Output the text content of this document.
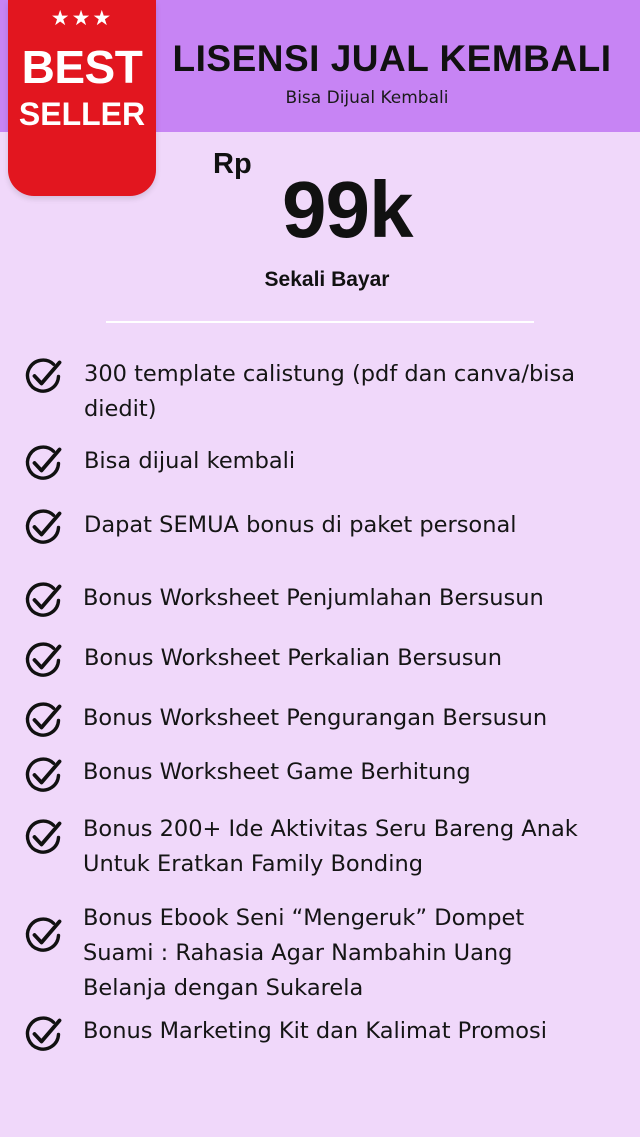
LISENSI JUAL KEMBALI
Bisa Dijual Kembali
★★★
BEST
SELLER
Rp
99k
Sekali Bayar
300 template calistung (pdf dan canva/bisa diedit)
Bisa dijual kembali
Dapat SEMUA bonus di paket personal
Bonus Worksheet Penjumlahan Bersusun
Bonus Worksheet Perkalian Bersusun
Bonus Worksheet Pengurangan Bersusun
Bonus Worksheet Game Berhitung
Bonus 200+ Ide Aktivitas Seru Bareng Anak Untuk Eratkan Family Bonding
Bonus Ebook Seni “Mengeruk” Dompet Suami : Rahasia Agar Nambahin Uang Belanja dengan Sukarela
Bonus Marketing Kit dan Kalimat Promosi
